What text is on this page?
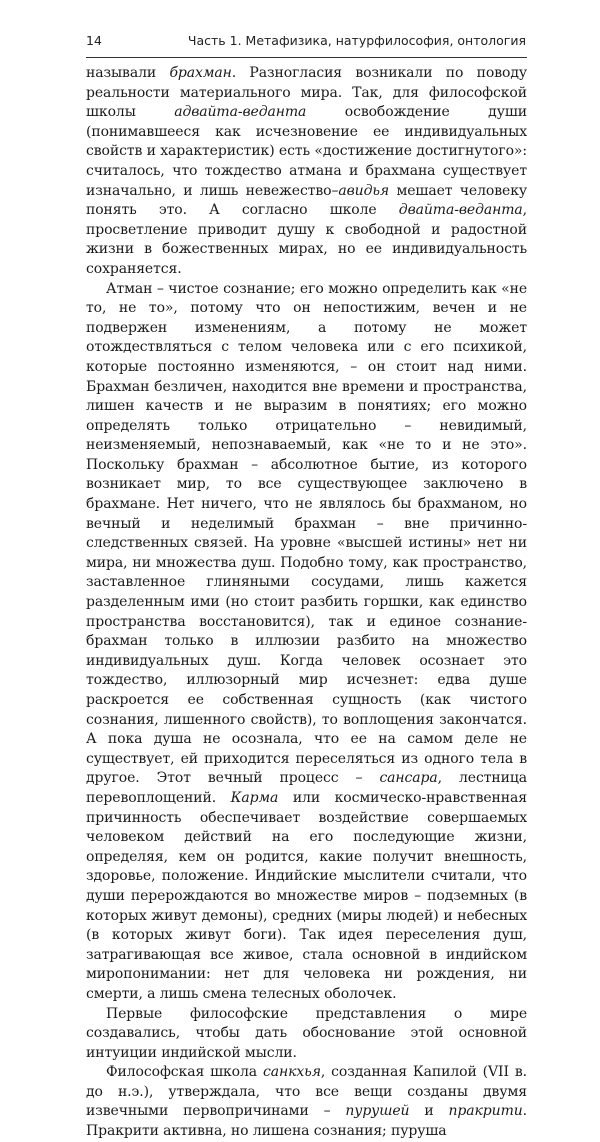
14	Часть 1. Метафизика, натурфилософия, онтология

называли брахман. Разногласия возникали по поводу реальности материального мира. Так, для философской школы адвайта-веданта освобождение души (понимавшееся как исчезновение ее индивидуальных свойств и характеристик) есть «достижение достигнутого»: считалось, что тождество атмана и брахмана существует изначально, и лишь невежество–авидья мешает человеку понять это. А согласно школе двайта-веданта, просветление приводит душу к свободной и радостной жизни в божественных мирах, но ее индивидуальность сохраняется.

Атман – чистое сознание; его можно определить как «не то, не то», потому что он непостижим, вечен и не подвержен изменениям, а потому не может отождествляться с телом человека или с его психикой, которые постоянно изменяются, – он стоит над ними. Брахман безличен, находится вне времени и пространства, лишен качеств и не выразим в понятиях; его можно определять только отрицательно – невидимый, неизменяемый, непознаваемый, как «не то и не это». Поскольку брахман – абсолютное бытие, из которого возникает мир, то все существующее заключено в брахмане. Нет ничего, что не являлось бы брахманом, но вечный и неделимый брахман – вне причинно-следственных связей. На уровне «высшей истины» нет ни мира, ни множества душ. Подобно тому, как пространство, заставленное глиняными сосудами, лишь кажется разделенным ими (но стоит разбить горшки, как единство пространства восстановится), так и единое сознание-брахман только в иллюзии разбито на множество индивидуальных душ. Когда человек осознает это тождество, иллюзорный мир исчезнет: едва душе раскроется ее собственная сущность (как чистого сознания, лишенного свойств), то воплощения закончатся. А пока душа не осознала, что ее на самом деле не существует, ей приходится переселяться из одного тела в другое. Этот вечный процесс – сансара, лестница перевоплощений. Карма или космическо-нравственная причинность обеспечивает воздействие совершаемых человеком действий на его последующие жизни, определяя, кем он родится, какие получит внешность, здоровье, положение. Индийские мыслители считали, что души перерождаются во множестве миров – подземных (в которых живут демоны), средних (миры людей) и небесных (в которых живут боги). Так идея переселения душ, затрагивающая все живое, стала основной в индийском миропонимании: нет для человека ни рождения, ни смерти, а лишь смена телесных оболочек.

Первые философские представления о мире создавались, чтобы дать обоснование этой основной интуиции индийской мысли.

Философская школа санкхья, созданная Капилой (VII в. до н.э.), утверждала, что все вещи созданы двумя извечными первопричинами – пурушей и пракрити. Пракрити активна, но лишена сознания; пуруша
